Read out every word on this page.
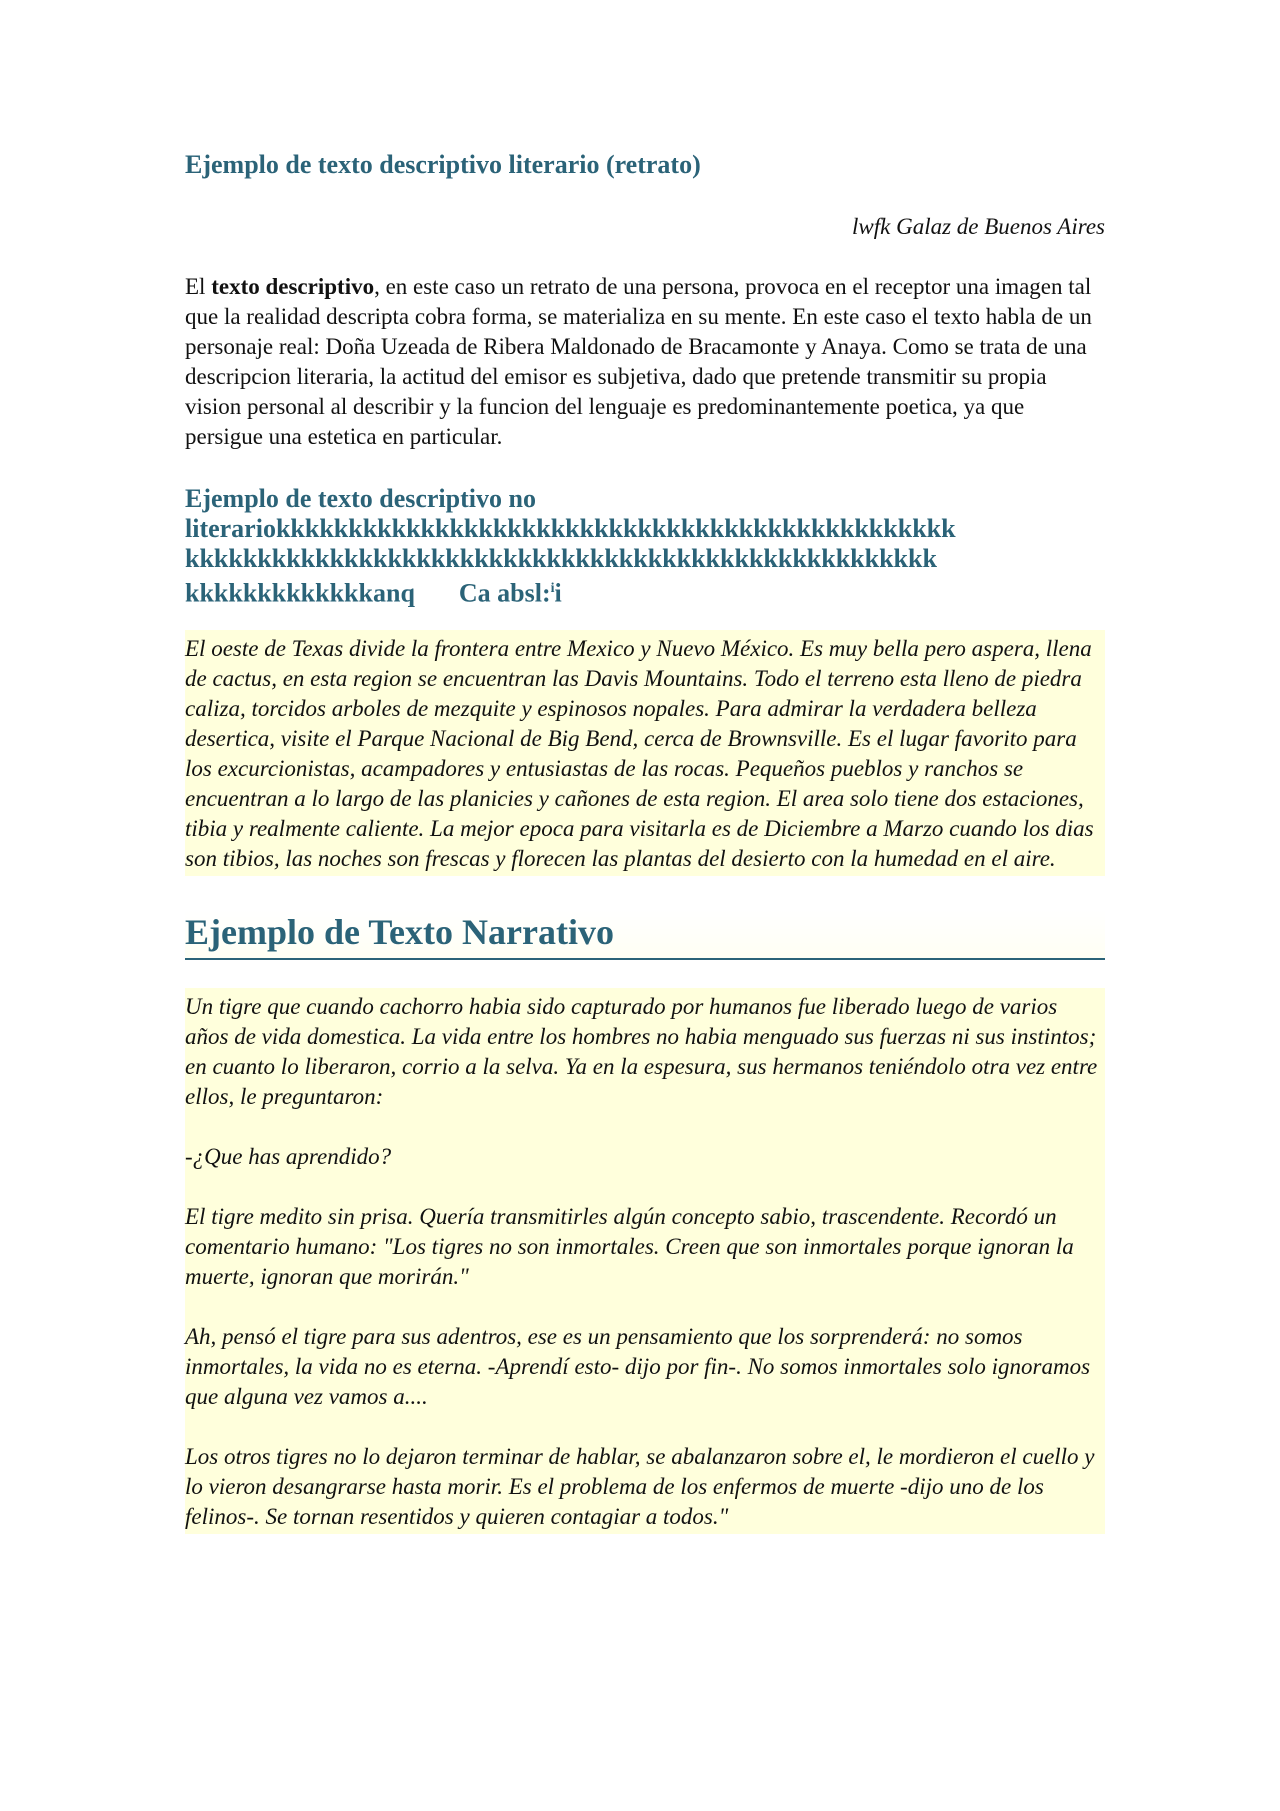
Ejemplo de texto descriptivo literario (retrato)

lwfk Galaz de Buenos Aires

El texto descriptivo, en este caso un retrato de una persona, provoca en el receptor una imagen tal que la realidad descripta cobra forma, se materializa en su mente. En este caso el texto habla de un personaje real: Doña Uzeada de Ribera Maldonado de Bracamonte y Anaya. Como se trata de una descripcion literaria, la actitud del emisor es subjetiva, dado que pretende transmitir su propia vision personal al describir y la funcion del lenguaje es predominantemente poetica, ya que persigue una estetica en particular.

Ejemplo de texto descriptivo no
literariokkkkkkkkkkkkkkkkkkkkkkkkkkkkkkkkkkkkkkkkkkkkkkk
kkkkkkkkkkkkkkkkkkkkkkkkkkkkkkkkkkkkkkkkkkkkkkkkkkkk
kkkkkkkkkkkkkanq Ca absl:$^i$i
El oeste de Texas divide la frontera entre Mexico y Nuevo México. Es muy bella pero aspera, llena de cactus, en esta region se encuentran las Davis Mountains. Todo el terreno esta lleno de piedra caliza, torcidos arboles de mezquite y espinosos nopales. Para admirar la verdadera belleza desertica, visite el Parque Nacional de Big Bend, cerca de Brownsville. Es el lugar favorito para los excurcionistas, acampadores y entusiastas de las rocas. Pequeños pueblos y ranchos se encuentran a lo largo de las planicies y cañones de esta region. El area solo tiene dos estaciones, tibia y realmente caliente. La mejor epoca para visitarla es de Diciembre a Marzo cuando los dias son tibios, las noches son frescas y florecen las plantas del desierto con la humedad en el aire.
Ejemplo de Texto Narrativo

Un tigre que cuando cachorro habia sido capturado por humanos fue liberado luego de varios años de vida domestica. La vida entre los hombres no habia menguado sus fuerzas ni sus instintos; en cuanto lo liberaron, corrio a la selva. Ya en la espesura, sus hermanos teniéndolo otra vez entre ellos, le preguntaron:

-¿Que has aprendido?

El tigre medito sin prisa. Quería transmitirles algún concepto sabio, trascendente. Recordó un comentario humano: "Los tigres no son inmortales. Creen que son inmortales porque ignoran la muerte, ignoran que morirán."

Ah, pensó el tigre para sus adentros, ese es un pensamiento que los sorprenderá: no somos inmortales, la vida no es eterna. -Aprendí esto- dijo por fin-. No somos inmortales solo ignoramos que alguna vez vamos a....

Los otros tigres no lo dejaron terminar de hablar, se abalanzaron sobre el, le mordieron el cuello y lo vieron desangrarse hasta morir. Es el problema de los enfermos de muerte -dijo uno de los felinos-. Se tornan resentidos y quieren contagiar a todos."
